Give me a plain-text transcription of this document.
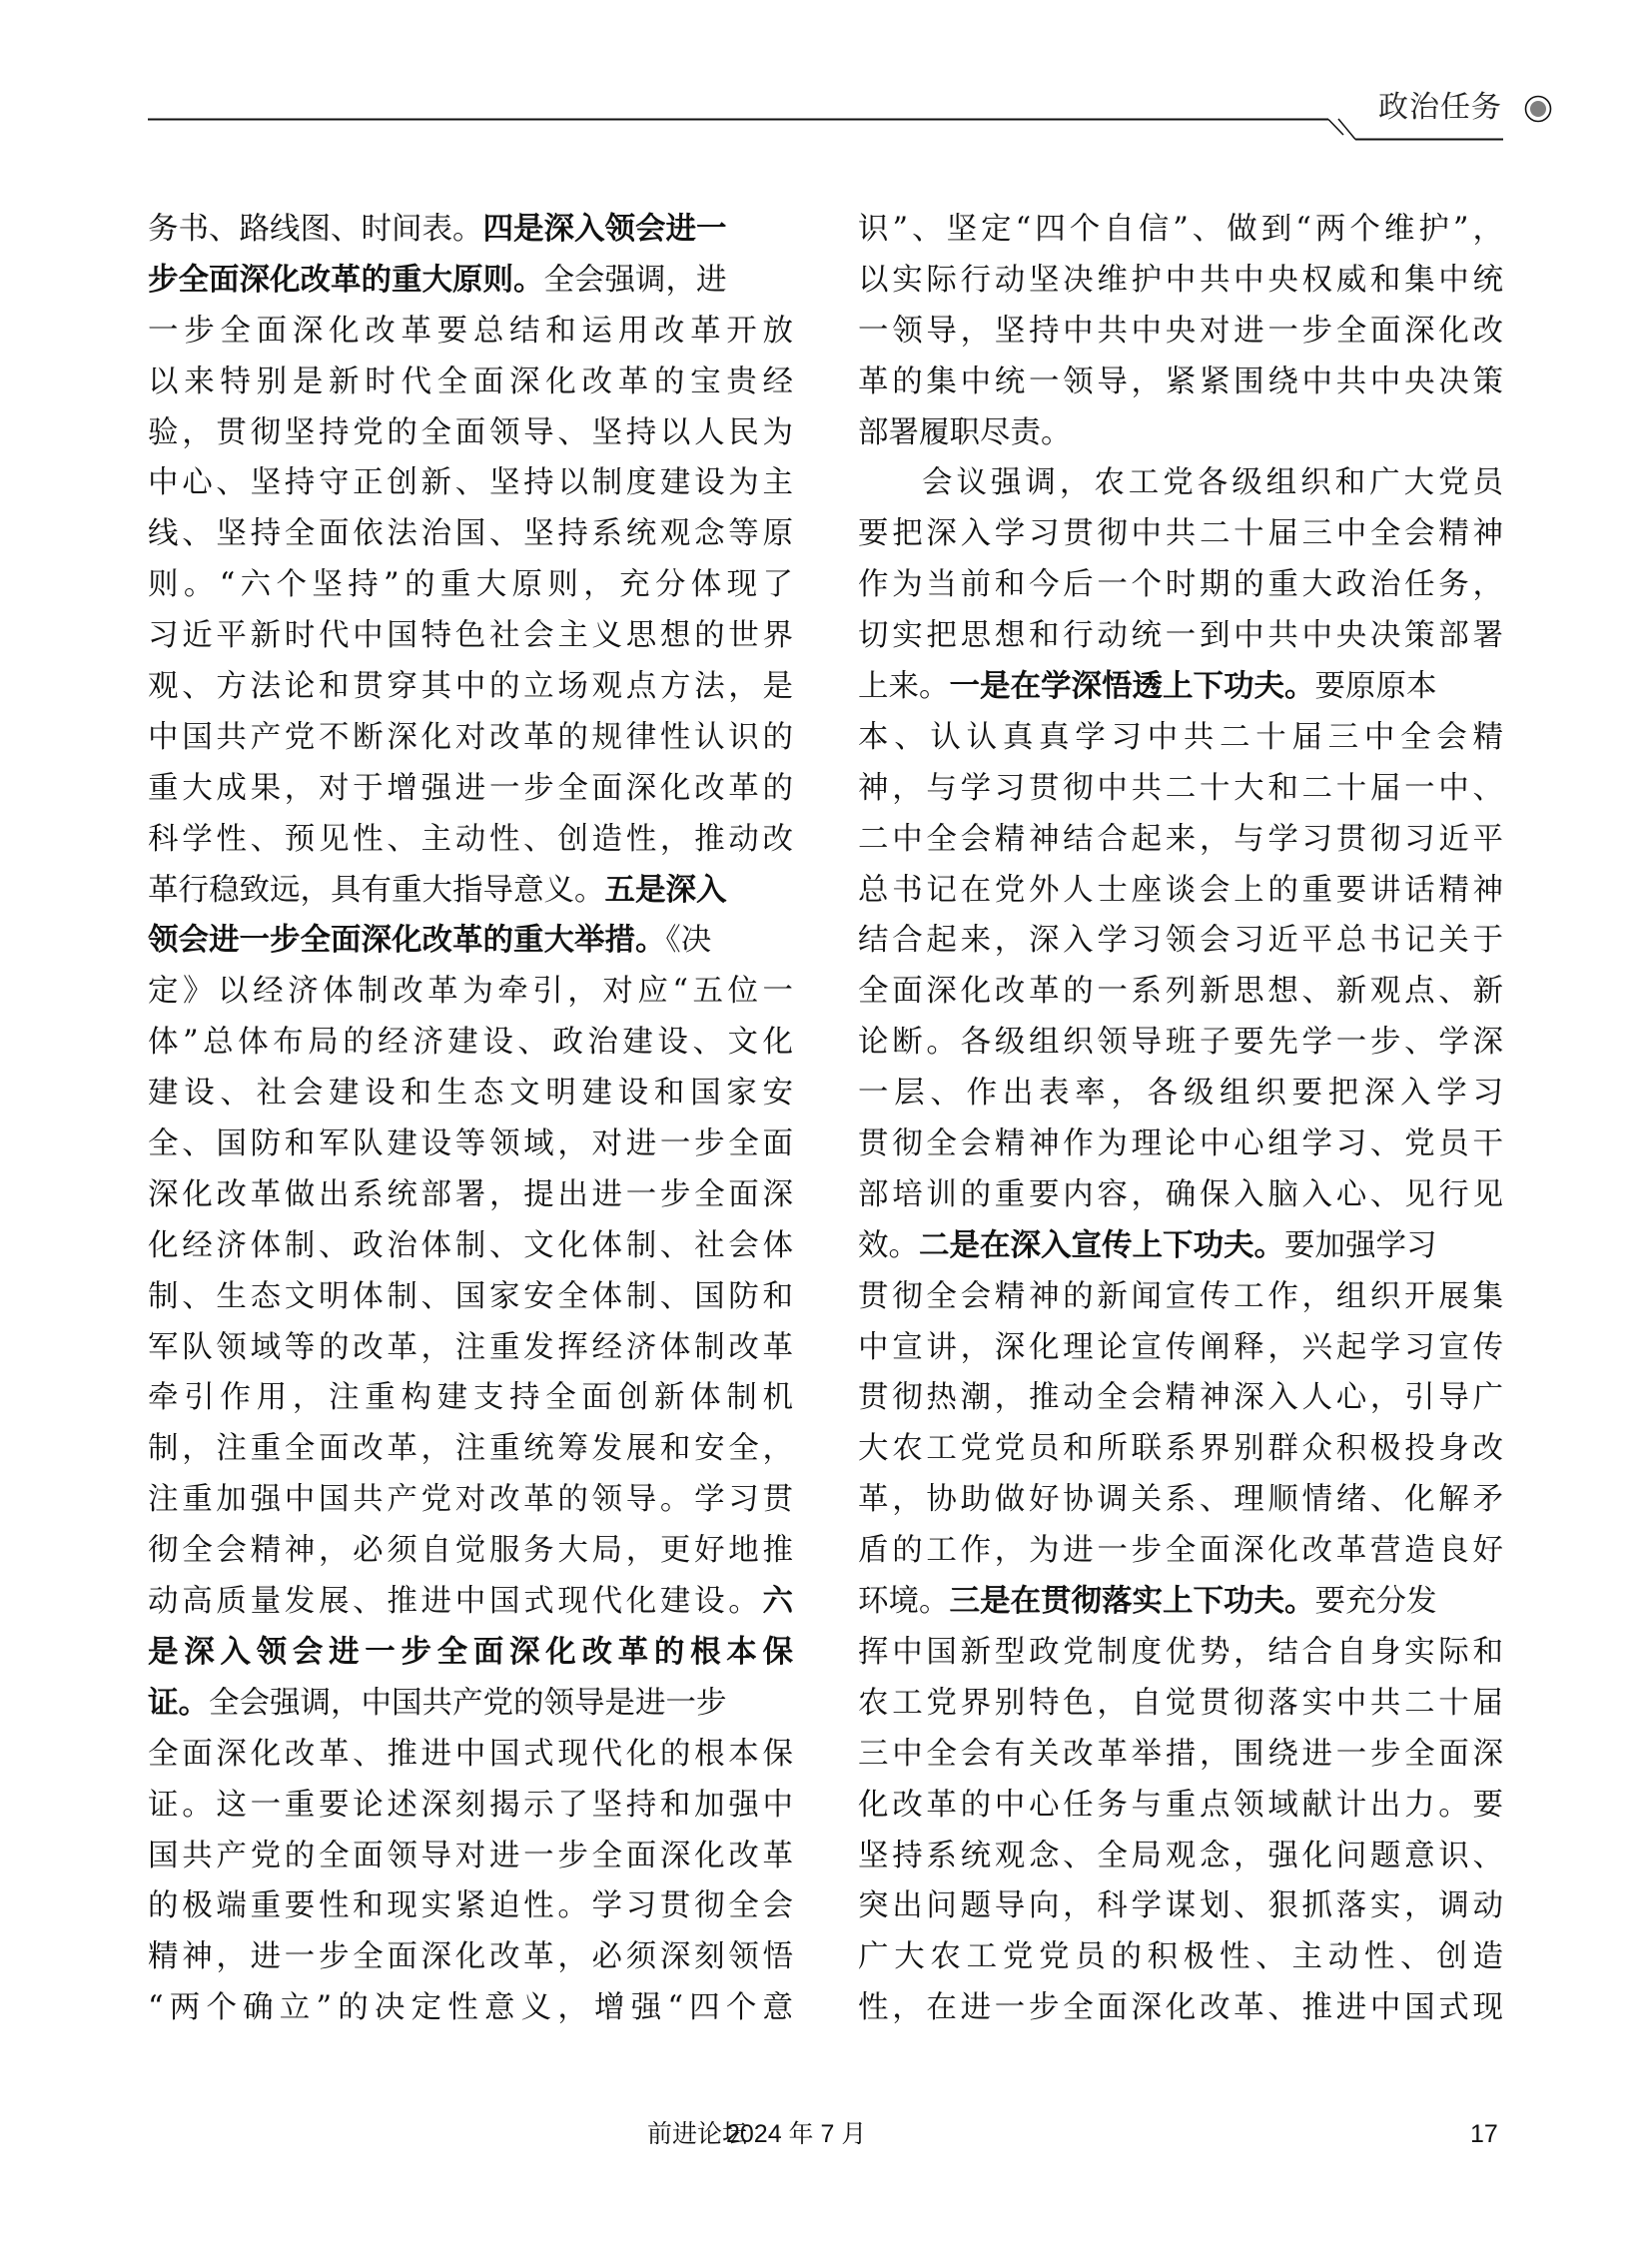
政治任务
务书、路线图、时间表。四是深入领会进一
步全面深化改革的重大原则。全会强调，进
一步全面深化改革要总结和运用改革开放
以来特别是新时代全面深化改革的宝贵经
验，贯彻坚持党的全面领导、坚持以人民为
中心、坚持守正创新、坚持以制度建设为主
线、坚持全面依法治国、坚持系统观念等原
则。“六个坚持”的重大原则，充分体现了
习近平新时代中国特色社会主义思想的世界
观、方法论和贯穿其中的立场观点方法，是
中国共产党不断深化对改革的规律性认识的
重大成果，对于增强进一步全面深化改革的
科学性、预见性、主动性、创造性，推动改
革行稳致远，具有重大指导意义。五是深入
领会进一步全面深化改革的重大举措。《决
定》以经济体制改革为牵引，对应“五位一
体”总体布局的经济建设、政治建设、文化
建设、社会建设和生态文明建设和国家安
全、国防和军队建设等领域，对进一步全面
深化改革做出系统部署，提出进一步全面深
化经济体制、政治体制、文化体制、社会体
制、生态文明体制、国家安全体制、国防和
军队领域等的改革，注重发挥经济体制改革
牵引作用，注重构建支持全面创新体制机
制，注重全面改革，注重统筹发展和安全，
注重加强中国共产党对改革的领导。学习贯
彻全会精神，必须自觉服务大局，更好地推
动高质量发展、推进中国式现代化建设。六
是深入领会进一步全面深化改革的根本保
证。全会强调，中国共产党的领导是进一步
全面深化改革、推进中国式现代化的根本保
证。这一重要论述深刻揭示了坚持和加强中
国共产党的全面领导对进一步全面深化改革
的极端重要性和现实紧迫性。学习贯彻全会
精神，进一步全面深化改革，必须深刻领悟
“两个确立”的决定性意义，增强“四个意
识”、坚定“四个自信”、做到“两个维护”，
以实际行动坚决维护中共中央权威和集中统
一领导，坚持中共中央对进一步全面深化改
革的集中统一领导，紧紧围绕中共中央决策
部署履职尽责。
会议强调，农工党各级组织和广大党员
要把深入学习贯彻中共二十届三中全会精神
作为当前和今后一个时期的重大政治任务，
切实把思想和行动统一到中共中央决策部署
上来。一是在学深悟透上下功夫。要原原本
本、认认真真学习中共二十届三中全会精
神，与学习贯彻中共二十大和二十届一中、
二中全会精神结合起来，与学习贯彻习近平
总书记在党外人士座谈会上的重要讲话精神
结合起来，深入学习领会习近平总书记关于
全面深化改革的一系列新思想、新观点、新
论断。各级组织领导班子要先学一步、学深
一层、作出表率，各级组织要把深入学习
贯彻全会精神作为理论中心组学习、党员干
部培训的重要内容，确保入脑入心、见行见
效。二是在深入宣传上下功夫。要加强学习
贯彻全会精神的新闻宣传工作，组织开展集
中宣讲，深化理论宣传阐释，兴起学习宣传
贯彻热潮，推动全会精神深入人心，引导广
大农工党党员和所联系界别群众积极投身改
革，协助做好协调关系、理顺情绪、化解矛
盾的工作，为进一步全面深化改革营造良好
环境。三是在贯彻落实上下功夫。要充分发
挥中国新型政党制度优势，结合自身实际和
农工党界别特色，自觉贯彻落实中共二十届
三中全会有关改革举措，围绕进一步全面深
化改革的中心任务与重点领域献计出力。要
坚持系统观念、全局观念，强化问题意识、
突出问题导向，科学谋划、狠抓落实，调动
广大农工党党员的积极性、主动性、创造
性，在进一步全面深化改革、推进中国式现
前进论坛
2024 年 7 月	17
